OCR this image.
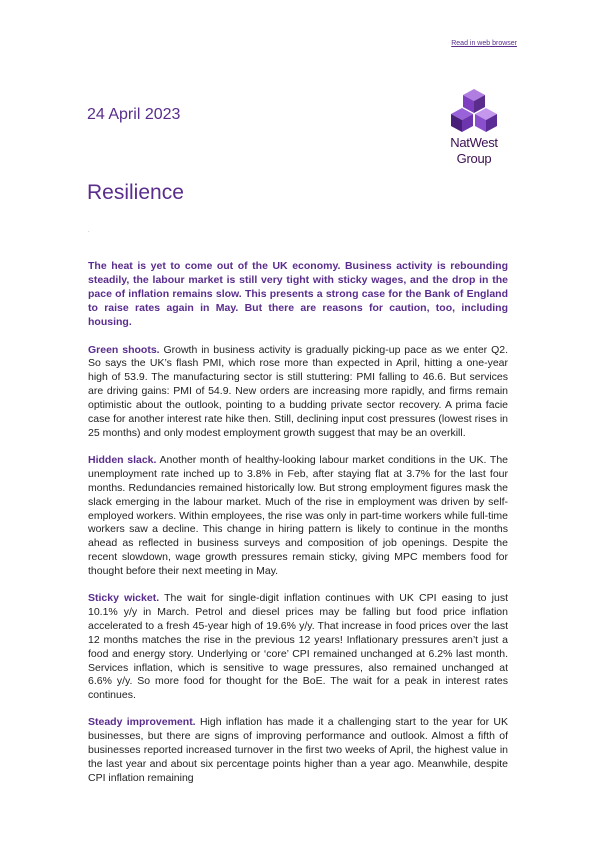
Read in web browser
24 April 2023
NatWest
Group
Resilience
.

The heat is yet to come out of the UK economy. Business activity is rebounding steadily, the labour market is still very tight with sticky wages, and the drop in the pace of inflation remains slow. This presents a strong case for the Bank of England to raise rates again in May. But there are reasons for caution, too, including housing.

Green shoots. Growth in business activity is gradually picking-up pace as we enter Q2. So says the UK’s flash PMI, which rose more than expected in April, hitting a one-year high of 53.9. The manufacturing sector is still stuttering: PMI falling to 46.6. But services are driving gains: PMI of 54.9. New orders are increasing more rapidly, and firms remain optimistic about the outlook, pointing to a budding private sector recovery. A prima facie case for another interest rate hike then. Still, declining input cost pressures (lowest rises in 25 months) and only modest employment growth suggest that may be an overkill.

Hidden slack. Another month of healthy-looking labour market conditions in the UK. The unemployment rate inched up to 3.8% in Feb, after staying flat at 3.7% for the last four months. Redundancies remained historically low. But strong employment figures mask the slack emerging in the labour market. Much of the rise in employment was driven by self-employed workers. Within employees, the rise was only in part-time workers while full-time workers saw a decline. This change in hiring pattern is likely to continue in the months ahead as reflected in business surveys and composition of job openings. Despite the recent slowdown, wage growth pressures remain sticky, giving MPC members food for thought before their next meeting in May.

Sticky wicket. The wait for single-digit inflation continues with UK CPI easing to just 10.1% y/y in March. Petrol and diesel prices may be falling but food price inflation accelerated to a fresh 45-year high of 19.6% y/y. That increase in food prices over the last 12 months matches the rise in the previous 12 years! Inflationary pressures aren’t just a food and energy story. Underlying or ‘core’ CPI remained unchanged at 6.2% last month. Services inflation, which is sensitive to wage pressures, also remained unchanged at 6.6% y/y. So more food for thought for the BoE. The wait for a peak in interest rates continues.

Steady improvement. High inflation has made it a challenging start to the year for UK businesses, but there are signs of improving performance and outlook. Almost a fifth of businesses reported increased turnover in the first two weeks of April, the highest value in the last year and about six percentage points higher than a year ago. Meanwhile, despite CPI inflation remaining
